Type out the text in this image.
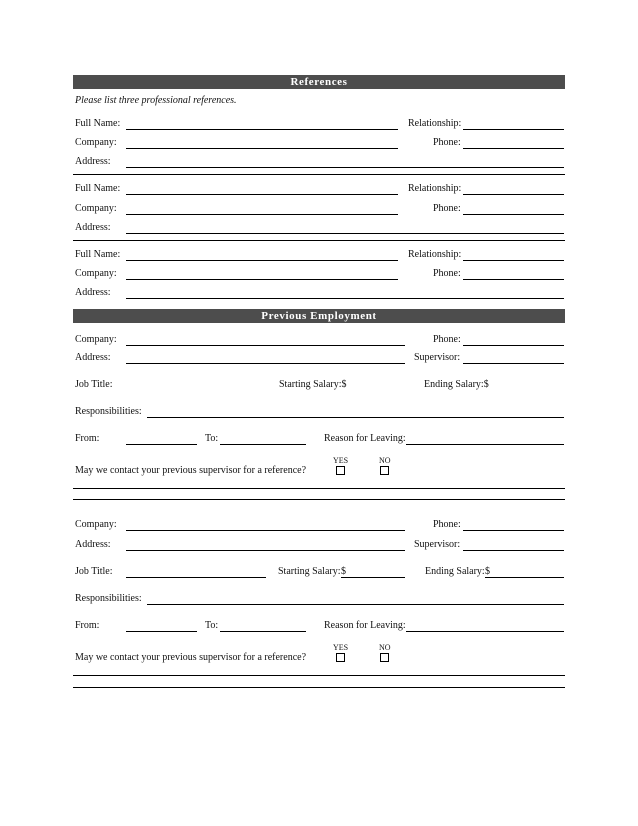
References
Please list three professional references.
Full Name:	Relationship:
Company:	Phone:
Address:
Full Name:	Relationship:
Company:	Phone:
Address:
Full Name:	Relationship:
Company:	Phone:
Address:
Previous Employment
Company:	Phone:
Address:	Supervisor:
Job Title:	Starting Salary:$	Ending Salary:$
Responsibilities:
From:	To:	Reason for Leaving:
YES	NO
May we contact your previous supervisor for a reference?
Company:	Phone:
Address:	Supervisor:
Job Title:	Starting Salary: $	Ending Salary: $
Responsibilities:
From:	To:	Reason for Leaving:
YES	NO
May we contact your previous supervisor for a reference?
